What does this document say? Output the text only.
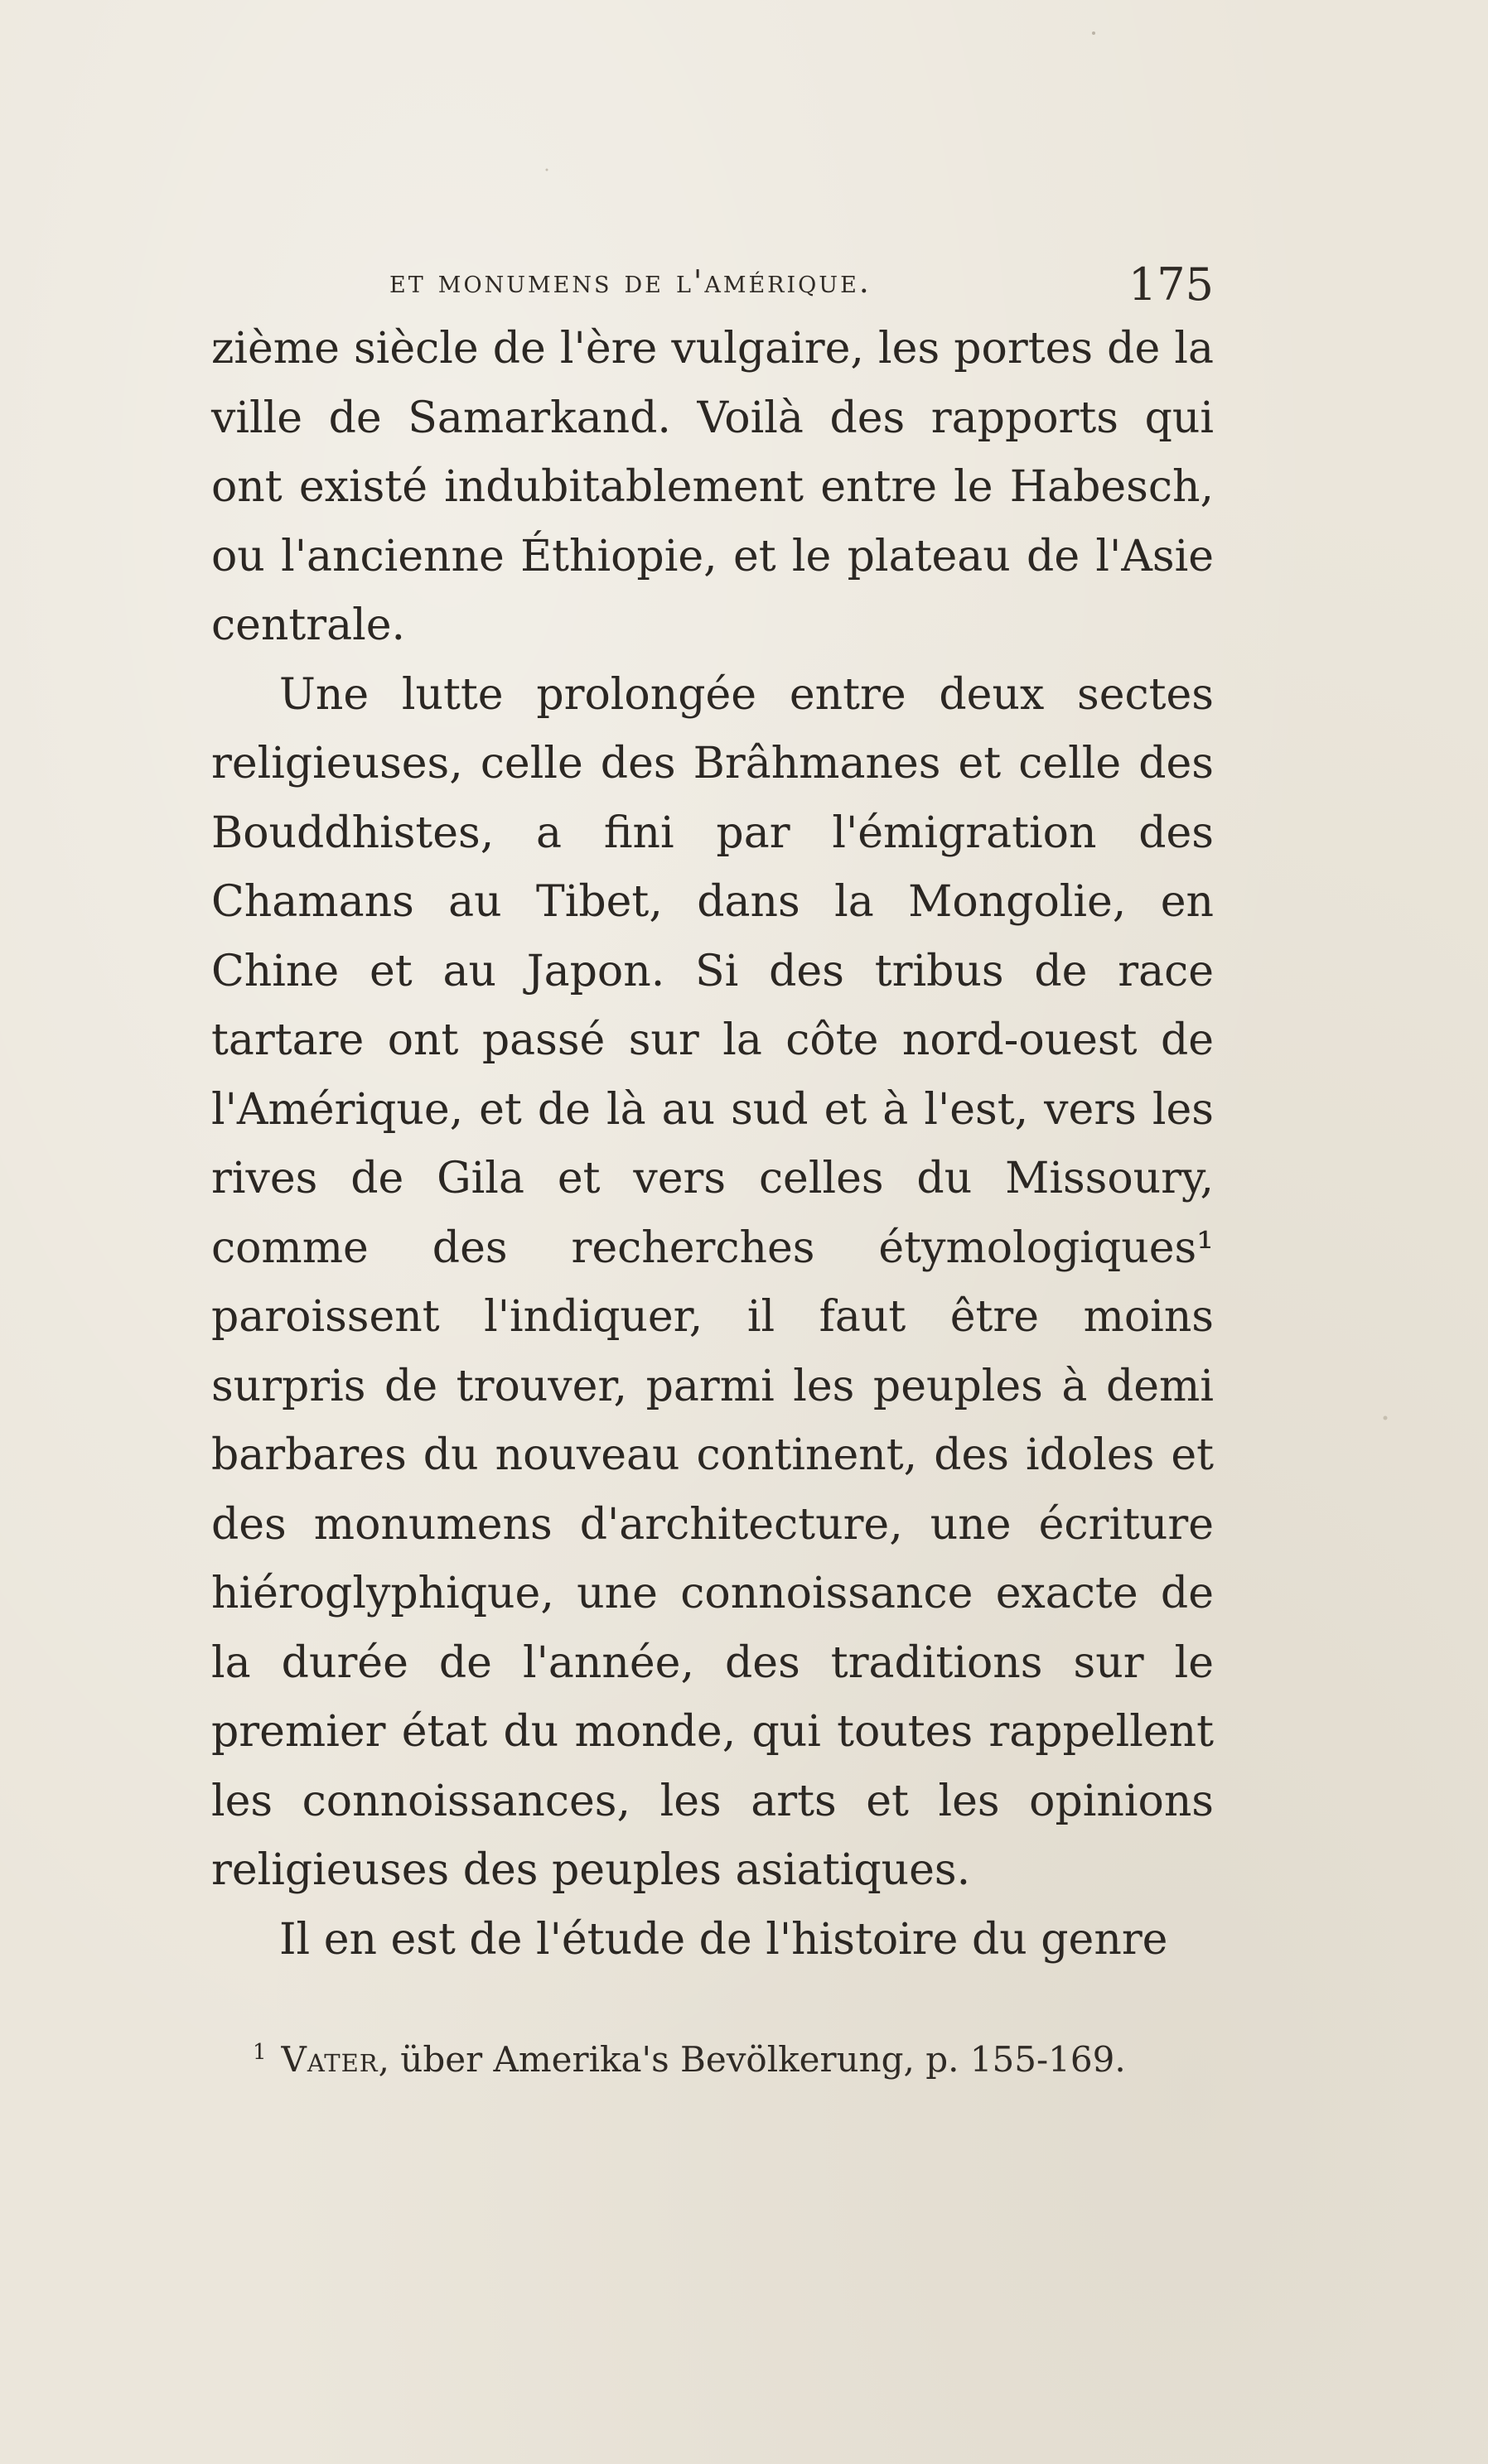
et monumens de l'amérique.	175

zième siècle de l'ère vulgaire, les portes de la ville de Samarkand. Voilà des rapports qui ont existé indubitablement entre le Habesch, ou l'ancienne Éthiopie, et le plateau de l'Asie centrale.

Une lutte prolongée entre deux sectes religieuses, celle des Brâhmanes et celle des Bouddhistes, a fini par l'émigration des Chamans au Tibet, dans la Mongolie, en Chine et au Japon. Si des tribus de race tartare ont passé sur la côte nord-ouest de l'Amérique, et de là au sud et à l'est, vers les rives de Gila et vers celles du Missoury, comme des recherches étymologiques¹ paroissent l'indiquer, il faut être moins surpris de trouver, parmi les peuples à demi barbares du nouveau continent, des idoles et des monumens d'architecture, une écriture hiéroglyphique, une connoissance exacte de la durée de l'année, des traditions sur le premier état du monde, qui toutes rappellent les connoissances, les arts et les opinions religieuses des peuples asiatiques.

Il en est de l'étude de l'histoire du genre

$^1$ Vater, über Amerika's Bevölkerung, p. 155-169.
